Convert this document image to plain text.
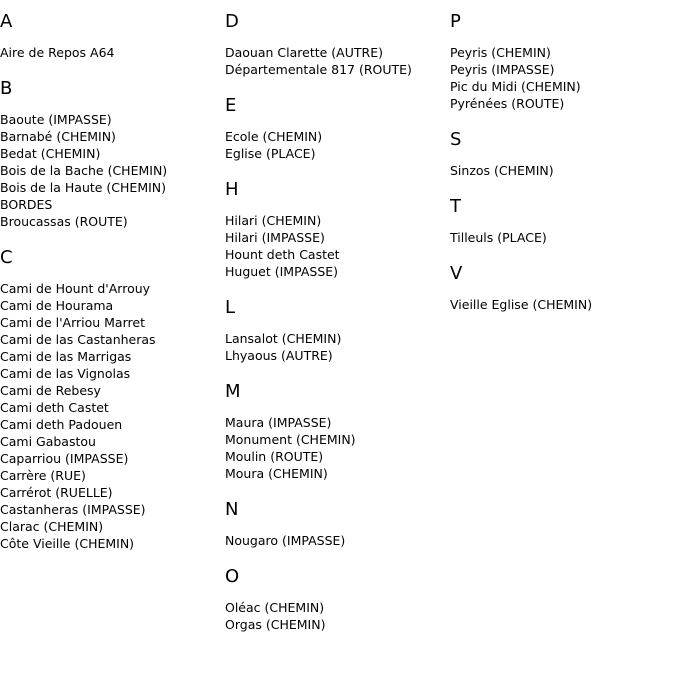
A
Aire de Repos A64
B
Baoute (IMPASSE)
Barnabé (CHEMIN)
Bedat (CHEMIN)
Bois de la Bache (CHEMIN)
Bois de la Haute (CHEMIN)
BORDES
Broucassas (ROUTE)
C
Cami de Hount d'Arrouy
Cami de Hourama
Cami de l'Arriou Marret
Cami de las Castanheras
Cami de las Marrigas
Cami de las Vignolas
Cami de Rebesy
Cami deth Castet
Cami deth Padouen
Cami Gabastou
Caparriou (IMPASSE)
Carrère (RUE)
Carrérot (RUELLE)
Castanheras (IMPASSE)
Clarac (CHEMIN)
Côte Vieille (CHEMIN)
D
Daouan Clarette (AUTRE)
Départementale 817 (ROUTE)
E
Ecole (CHEMIN)
Eglise (PLACE)
H
Hilari (CHEMIN)
Hilari (IMPASSE)
Hount deth Castet
Huguet (IMPASSE)
L
Lansalot (CHEMIN)
Lhyaous (AUTRE)
M
Maura (IMPASSE)
Monument (CHEMIN)
Moulin (ROUTE)
Moura (CHEMIN)
N
Nougaro (IMPASSE)
O
Oléac (CHEMIN)
Orgas (CHEMIN)
P
Peyris (CHEMIN)
Peyris (IMPASSE)
Pic du Midi (CHEMIN)
Pyrénées (ROUTE)
S
Sinzos (CHEMIN)
T
Tilleuls (PLACE)
V
Vieille Eglise (CHEMIN)
